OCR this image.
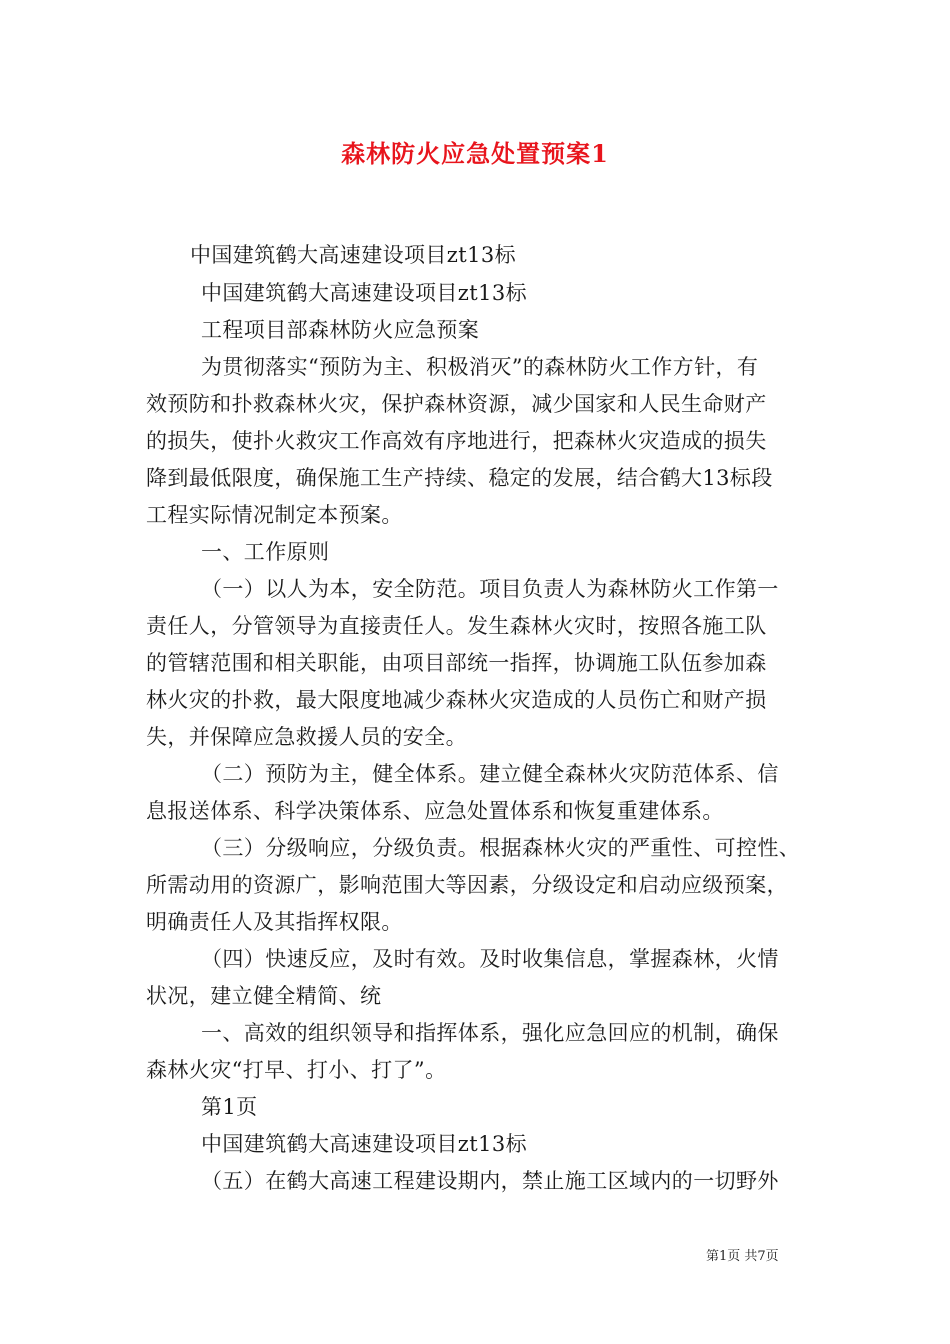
森林防火应急处置预案1
中国建筑鹤大高速建设项目zt13标
中国建筑鹤大高速建设项目zt13标
工程项目部森林防火应急预案
为贯彻落实“预防为主、积极消灭”的森林防火工作方针，有
效预防和扑救森林火灾，保护森林资源，减少国家和人民生命财产
的损失，使扑火救灾工作高效有序地进行，把森林火灾造成的损失
降到最低限度，确保施工生产持续、稳定的发展，结合鹤大13标段
工程实际情况制定本预案。
一、工作原则
（一）以人为本，安全防范。项目负责人为森林防火工作第一
责任人，分管领导为直接责任人。发生森林火灾时，按照各施工队
的管辖范围和相关职能，由项目部统一指挥，协调施工队伍参加森
林火灾的扑救，最大限度地减少森林火灾造成的人员伤亡和财产损
失，并保障应急救援人员的安全。
（二）预防为主，健全体系。建立健全森林火灾防范体系、信
息报送体系、科学决策体系、应急处置体系和恢复重建体系。
（三）分级响应，分级负责。根据森林火灾的严重性、可控性、
所需动用的资源广，影响范围大等因素，分级设定和启动应级预案，
明确责任人及其指挥权限。
（四）快速反应，及时有效。及时收集信息，掌握森林，火情
状况，建立健全精简、统
一、高效的组织领导和指挥体系，强化应急回应的机制，确保
森林火灾“打早、打小、打了”。
第1页
中国建筑鹤大高速建设项目zt13标
（五）在鹤大高速工程建设期内，禁止施工区域内的一切野外
第1页 共7页
